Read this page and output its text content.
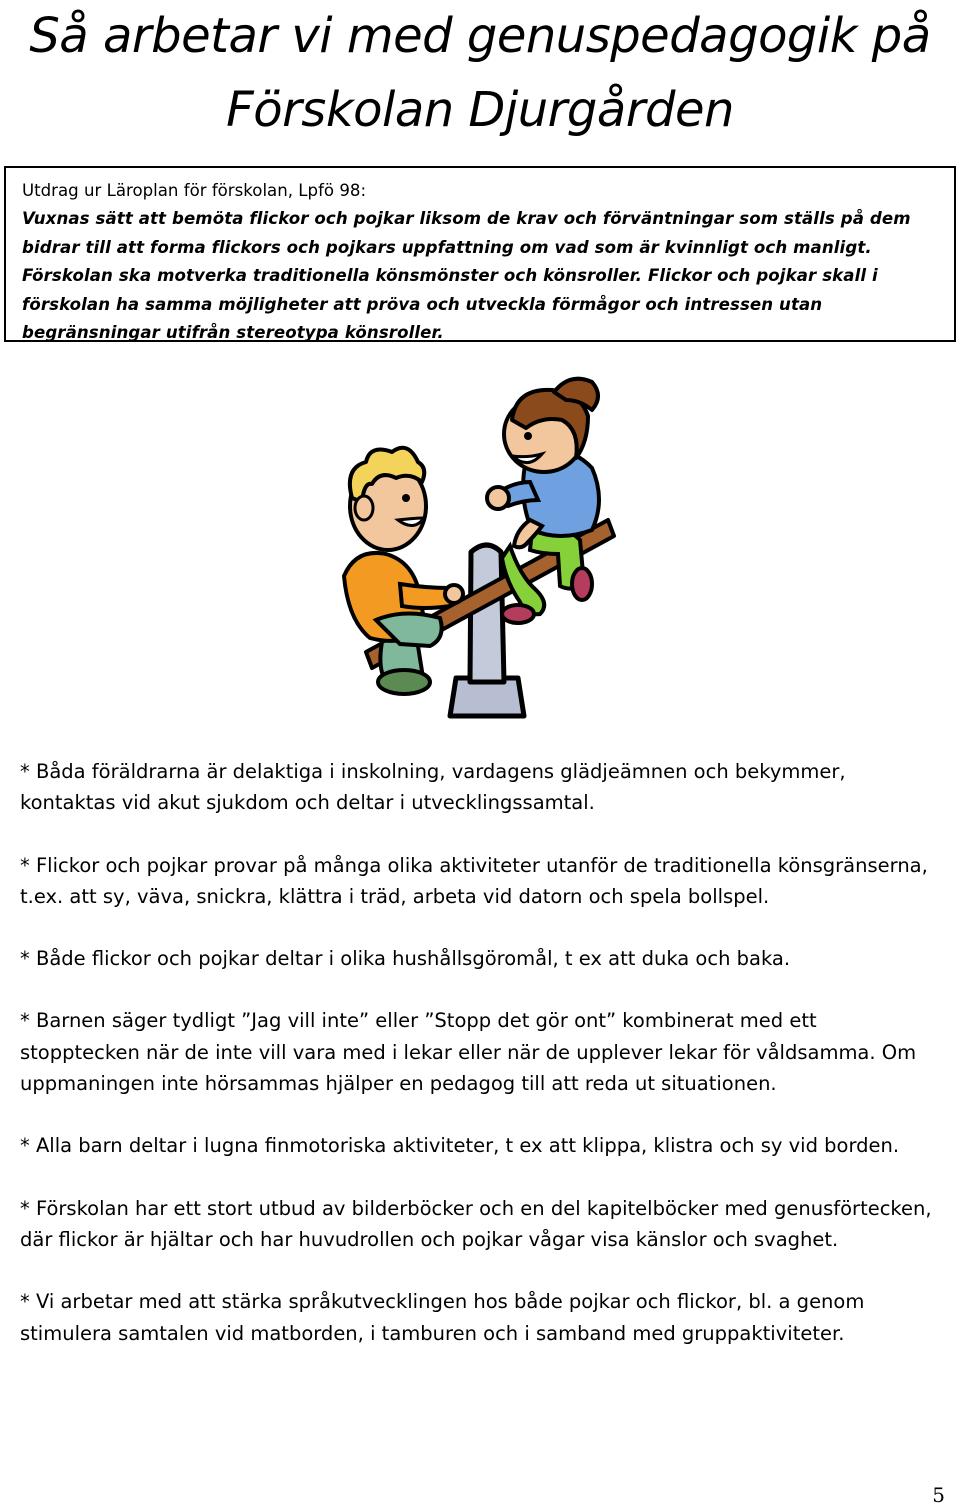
Så arbetar vi med genuspedagogik på
Förskolan Djurgården
Utdrag ur Läroplan för förskolan, Lpfö 98:
Vuxnas sätt att bemöta flickor och pojkar liksom de krav och förväntningar som ställs på dem bidrar till att forma flickors och pojkars uppfattning om vad som är kvinnligt och manligt. Förskolan ska motverka traditionella könsmönster och könsroller. Flickor och pojkar skall i förskolan ha samma möjligheter att pröva och utveckla förmågor och intressen utan begränsningar utifrån stereotypa könsroller.

* Båda föräldrarna är delaktiga i inskolning, vardagens glädjeämnen och bekymmer, kontaktas vid akut sjukdom och deltar i utvecklingssamtal.

* Flickor och pojkar provar på många olika aktiviteter utanför de traditionella könsgränserna, t.ex. att sy, väva, snickra, klättra i träd, arbeta vid datorn och spela bollspel.

* Både flickor och pojkar deltar i olika hushållsgöromål, t ex att duka och baka.

* Barnen säger tydligt ”Jag vill inte” eller ”Stopp det gör ont” kombinerat med ett stopptecken när de inte vill vara med i lekar eller när de upplever lekar för våldsamma. Om uppmaningen inte hörsammas hjälper en pedagog till att reda ut situationen.

* Alla barn deltar i lugna finmotoriska aktiviteter, t ex att klippa, klistra och sy vid borden.

* Förskolan har ett stort utbud av bilderböcker och en del kapitelböcker med genusförtecken, där flickor är hjältar och har huvudrollen och pojkar vågar visa känslor och svaghet.

* Vi arbetar med att stärka språkutvecklingen hos både pojkar och flickor, bl. a genom stimulera samtalen vid matborden, i tamburen och i samband med gruppaktiviteter.

5
